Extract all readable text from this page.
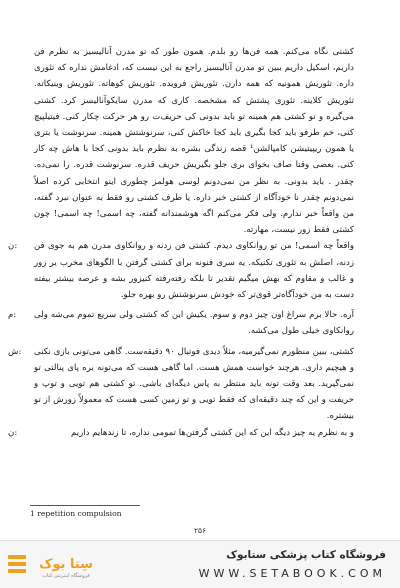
کشتی نگاه می‌کنم. همه فن‌ها رو بلدم. همون طور که تو مدرن آنالیسیز به نظرم فن داریم، اسکیل داریم ببین تو مدرن آنالیسیز راجع به این نیست که، ادغامش نداره که تئوری داره. تئوریش همونیه که همه دارن. تئوریش فرویده. تئوریش کوهاته. تئوریش وینیکاته. تئوریش کلاینه. تئوری پشتش که مشخصه. کاری که مدرن سایکوآنالیسز کرد. کشتی می‌گیره و تو کشتی هم همینه تو باید بدونی کی حریف‌ت رو هر حرکت چکار کنی. فیتیلپیچ کنی، خم طرفو باید کجا بگیری باید کجا خاکش کنی، سرنوشتش همینه. سرنوشت یا بتری یا همون ریپیتیشن کامپالشن¹ قصه زندگی بشره به نظرم باید بدونی کجا با هاش چه کار کنی. بعضی وقتا صاف بخوای بری جلو بگیریش حریف قدره. سرنوشت قدره. را نمی‌ده. چقدر . باید بدونی. به نظر من نمی‌دونم لوسی هولمز چطوری اینو انتخابی کرده اصلاً نمی‌دونم چقدر نا خودآگاه از کشتی خبر داره. یا طرف کشتی رو فقط به عنوان نبرد گفته، من واقعاً خبر ندارم. ولی فکر می‌کنم اگه هوشمندانه گفته، چه اسمی! چه اسمی! چون کشتی فقط زور نیست، مهارته.

ن:	واقعاً چه اسمی! من تو روانکاوی دیدم. کشتی فن زدنه و روانکاوی مدرن هم به جوی فن زدنه، اصلش به تئوری تکنیکه. یه سری فنونه برای کشتی گرفتن با الگوهای مخرب یر زور و غالب و مقاوم که بهش میگیم تقدیر تا بلکه رفته‌رفته کنیزور بشه و عرصه بیشتر بیفته دست به من خودآگاه‌تر قوی‌تر که خودش سرنوشتش رو بهره جلو.

م:	آره. حالا برم سراغ اون چیز دوم و سوم. یکیش این که کشتی ولی سریع تموم می‌شه ولی روانکاوی خیلی طول می‌کشه.

ش:	کشتی، ببین منظورم نمی‌گیرمیه، مثلاً دیدی فوتبال ۹۰ دقیقه‌ست. گاهی می‌تونی بازی نکنی و هیچیم داری. هرچند خواست همش هست. اما گاهی هست که می‌تونه بره پای پنالتی تو نمی‌گیرید. بعد وقت تونه باید منتظر به پاس دیگه‌ای باشی. تو کشتی هم تویی و توپ و حریفت و این که چند دقیقه‌ای که فقط تویی و تو زمین کسی هست که معمولاً زورش از تو بیشتره.

ن:	و به نظرم یه چیز دیگه این که این کشتی گرفتن‌ها تمومی نداره، تا زندهایم داریم

1 repetition compulsion
۲۵۶
سِتا بوک
فروشگاه اینترنتی کتاب
فروشگاه کتاب پزشکی ستابوک
WWW.SETABOOK.COM
